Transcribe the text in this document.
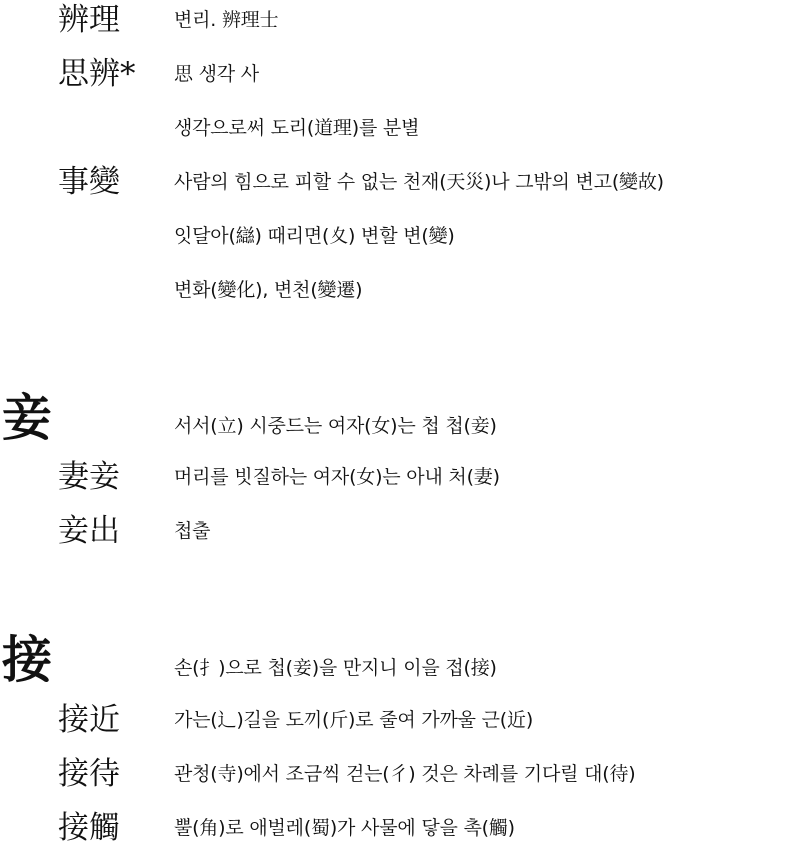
辨理	변리. 辨理士
思辨* 思 생각 사
생각으로써 도리(道理)를 분별
事變	사람의 힘으로 피할 수 없는 천재(天災)나 그밖의 변고(變故)
잇달아(䜌) 때리면(夊) 변할 변(變)
변화(變化), 변천(變遷)
妾	서서(立) 시중드는 여자(女)는 첩 첩(妾)
妻妾	머리를 빗질하는 여자(女)는 아내 처(妻)
妾出	첩출
接	손(扌)으로 첩(妾)을 만지니 이을 접(接)
接近	가는(辶)길을 도끼(斤)로 줄여 가까울 근(近)
接待	관청(寺)에서 조금씩 걷는(彳) 것은 차례를 기다릴 대(待)
接觸	뿔(角)로 애벌레(蜀)가 사물에 닿을 촉(觸)
